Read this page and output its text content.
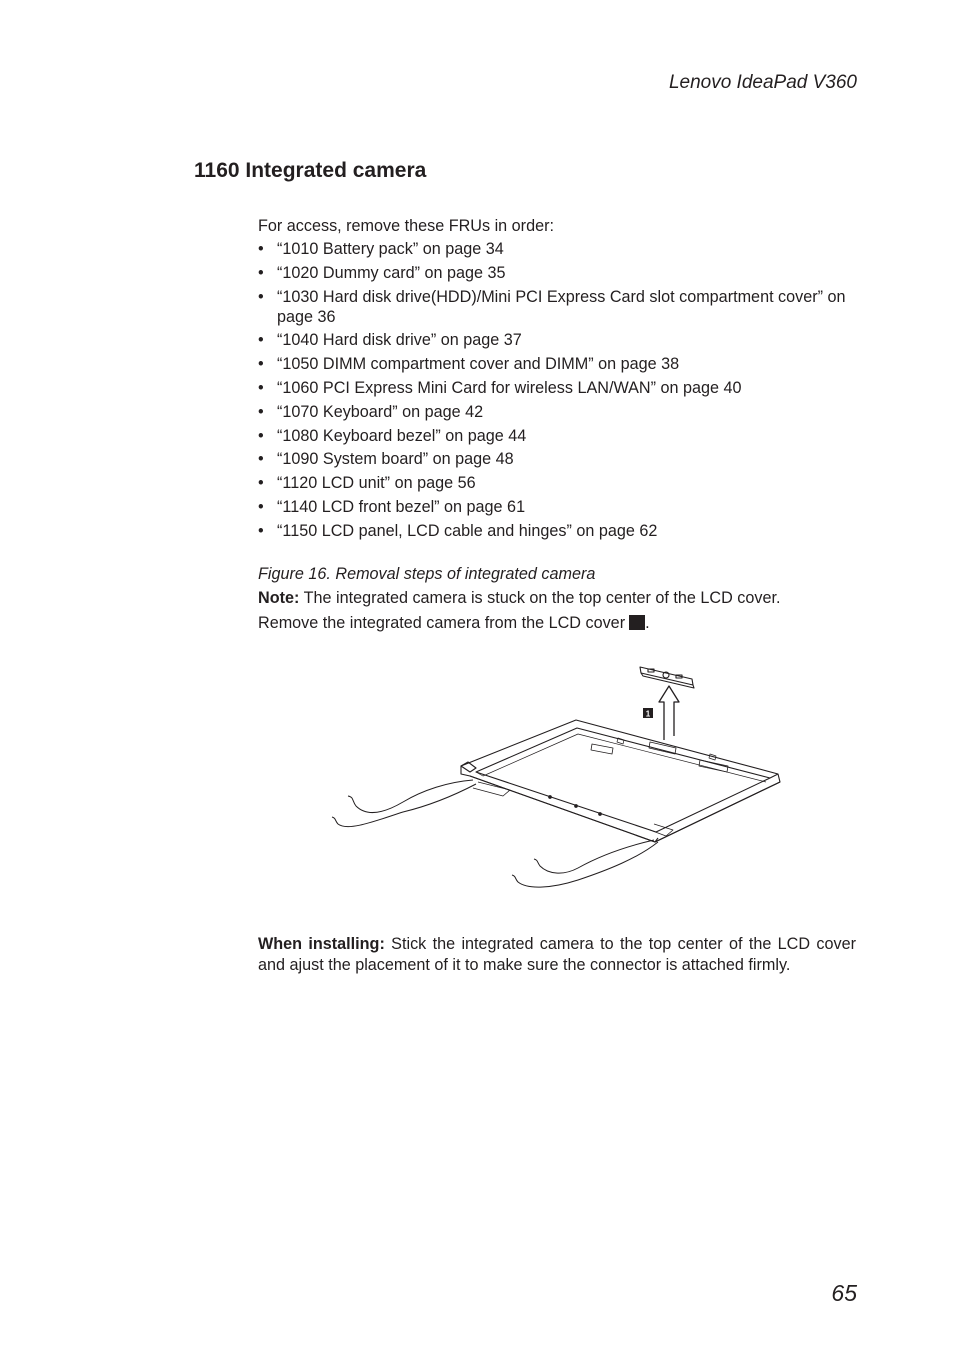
Lenovo IdeaPad V360
1160 Integrated camera

For access, remove these FRUs in order:

• “1010 Battery pack” on page 34
• “1020 Dummy card” on page 35
• “1030 Hard disk drive(HDD)/Mini PCI Express Card slot compartment cover” on page 36
• “1040 Hard disk drive” on page 37
• “1050 DIMM compartment cover and DIMM” on page 38
• “1060 PCI Express Mini Card for wireless LAN/WAN” on page 40
• “1070 Keyboard” on page 42
• “1080 Keyboard bezel” on page 44
• “1090 System board” on page 48
• “1120 LCD unit” on page 56
• “1140 LCD front bezel” on page 61
• “1150 LCD panel, LCD cable and hinges” on page 62
Figure 16. Removal steps of integrated camera

Note: The integrated camera is stuck on the top center of the LCD cover.

Remove the integrated camera from the LCD cover .

1

When installing: Stick the integrated camera to the top center of the LCD cover and ajust the placement of it to make sure the connector is attached firmly.

65
